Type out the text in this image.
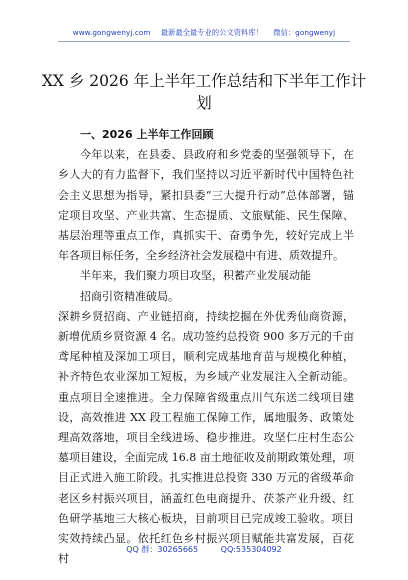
www.gongwenyj.com 最新最全最专业的公文资料库！ 微信：gongwenyj
XX 乡 2026 年上半年工作总结和下半年工作计划
一、2026 上半年工作回顾

今年以来，在县委、县政府和乡党委的坚强领导下，在乡人大的有力监督下，我们坚持以习近平新时代中国特色社会主义思想为指导，紧扣县委“三大提升行动”总体部署，锚定项目攻坚、产业共富、生态提质、文旅赋能、民生保障、基层治理等重点工作，真抓实干、奋勇争先，较好完成上半年各项目标任务，全乡经济社会发展稳中有进、质效提升。

半年来，我们聚力项目攻坚，积蓄产业发展动能

招商引资精准破局。

深耕乡贤招商、产业链招商，持续挖掘在外优秀仙商资源，新增优质乡贤资源 4 名。成功签约总投资 900 多万元的千亩鸢尾种植及深加工项目，顺利完成基地育苗与规模化种植，补齐特色农业深加工短板，为乡域产业发展注入全新动能。重点项目全速推进。全力保障省级重点川气东送二线项目建设，高效推进 XX 段工程施工保障工作，属地服务、政策处理高效落地，项目全线进场、稳步推进。攻坚仁庄村生态公墓项目建设，全面完成 16.8 亩土地征收及前期政策处理，项目正式进入施工阶段。扎实推进总投资 330 万元的省级革命老区乡村振兴项目，涵盖红色电商提升、茯茶产业升级、红色研学基地三大核心板块，目前项目已完成竣工验收。项目实效持续凸显。依托红色乡村振兴项目赋能共富发展，百花村

QQ 群：30265665	QQ:535304092
